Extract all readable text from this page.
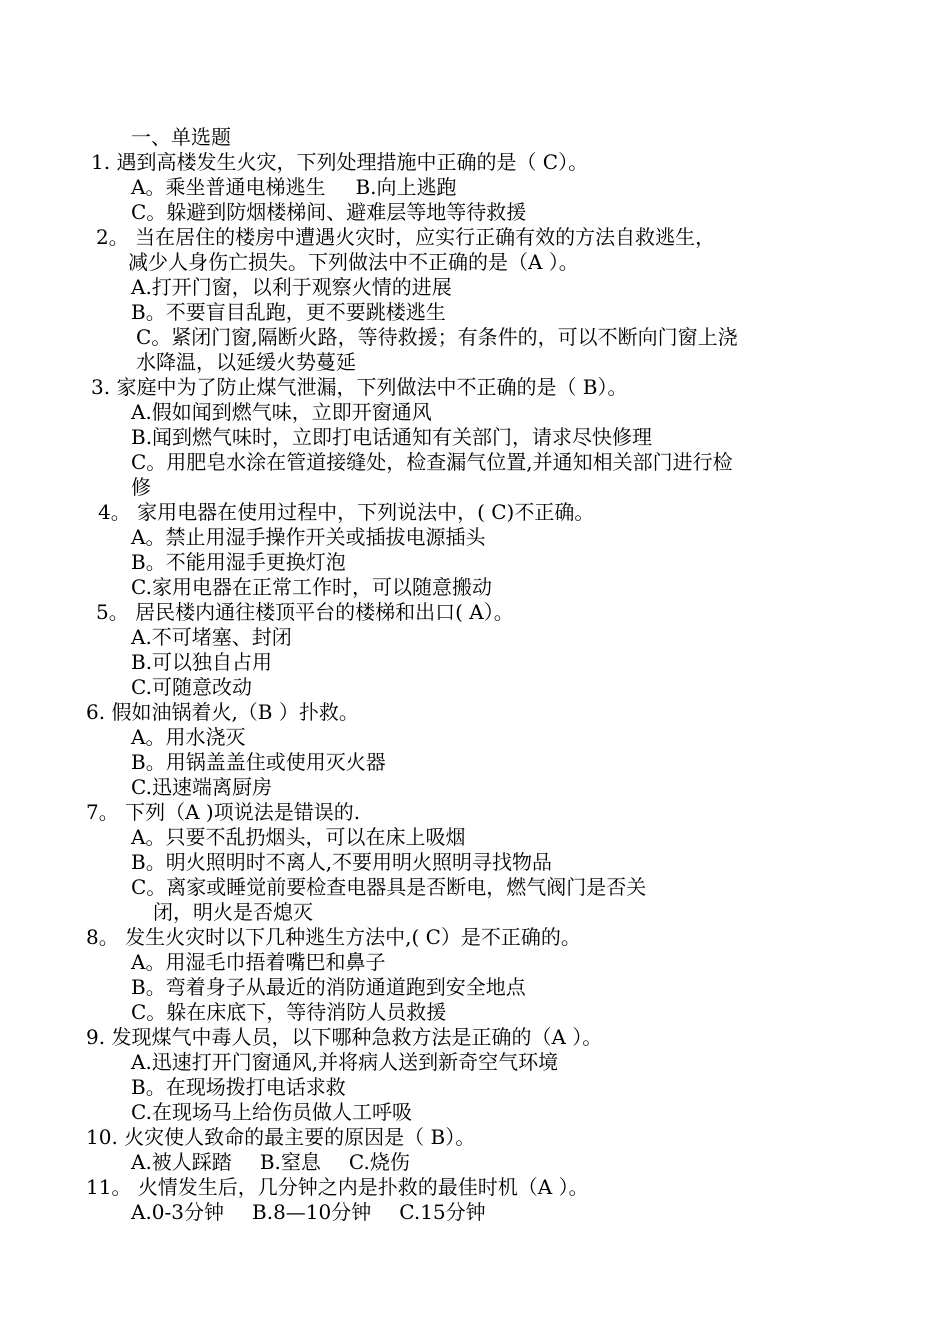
一、单选题
1. 遇到高楼发生火灾，下列处理措施中正确的是（ C）。
A。乘坐普通电梯逃生 B.向上逃跑
C。躲避到防烟楼梯间、避难层等地等待救援
2。 当在居住的楼房中遭遇火灾时，应实行正确有效的方法自救逃生，
减少人身伤亡损失。下列做法中不正确的是（A ）。
A.打开门窗，以利于观察火情的进展
B。不要盲目乱跑，更不要跳楼逃生
C。紧闭门窗,隔断火路，等待救援；有条件的，可以不断向门窗上浇
水降温，以延缓火势蔓延
3. 家庭中为了防止煤气泄漏，下列做法中不正确的是（ B）。
A.假如闻到燃气味，立即开窗通风
B.闻到燃气味时，立即打电话通知有关部门，请求尽快修理
C。用肥皂水涂在管道接缝处，检查漏气位置,并通知相关部门进行检
修
4。 家用电器在使用过程中，下列说法中，( C)不正确。
A。禁止用湿手操作开关或插拔电源插头
B。不能用湿手更换灯泡
C.家用电器在正常工作时，可以随意搬动
5。 居民楼内通往楼顶平台的楼梯和出口( A）。
A.不可堵塞、封闭
B.可以独自占用
C.可随意改动
6. 假如油锅着火,（B ）扑救。
A。用水浇灭
B。用锅盖盖住或使用灭火器
C.迅速端离厨房
7。 下列（A )项说法是错误的.
A。只要不乱扔烟头，可以在床上吸烟
B。明火照明时不离人,不要用明火照明寻找物品
C。离家或睡觉前要检查电器具是否断电，燃气阀门是否关
闭，明火是否熄灭
8。 发生火灾时以下几种逃生方法中,( C）是不正确的。
A。用湿毛巾捂着嘴巴和鼻子
B。弯着身子从最近的消防通道跑到安全地点
C。躲在床底下，等待消防人员救援
9. 发现煤气中毒人员，以下哪种急救方法是正确的（A ）。
A.迅速打开门窗通风,并将病人送到新奇空气环境
B。在现场拨打电话求救
C.在现场马上给伤员做人工呼吸
10. 火灾使人致命的最主要的原因是（ B）。
A.被人踩踏 B.窒息 C.烧伤
11。 火情发生后，几分钟之内是扑救的最佳时机（A ）。
A.0-3分钟 B.8—10分钟 C.15分钟
